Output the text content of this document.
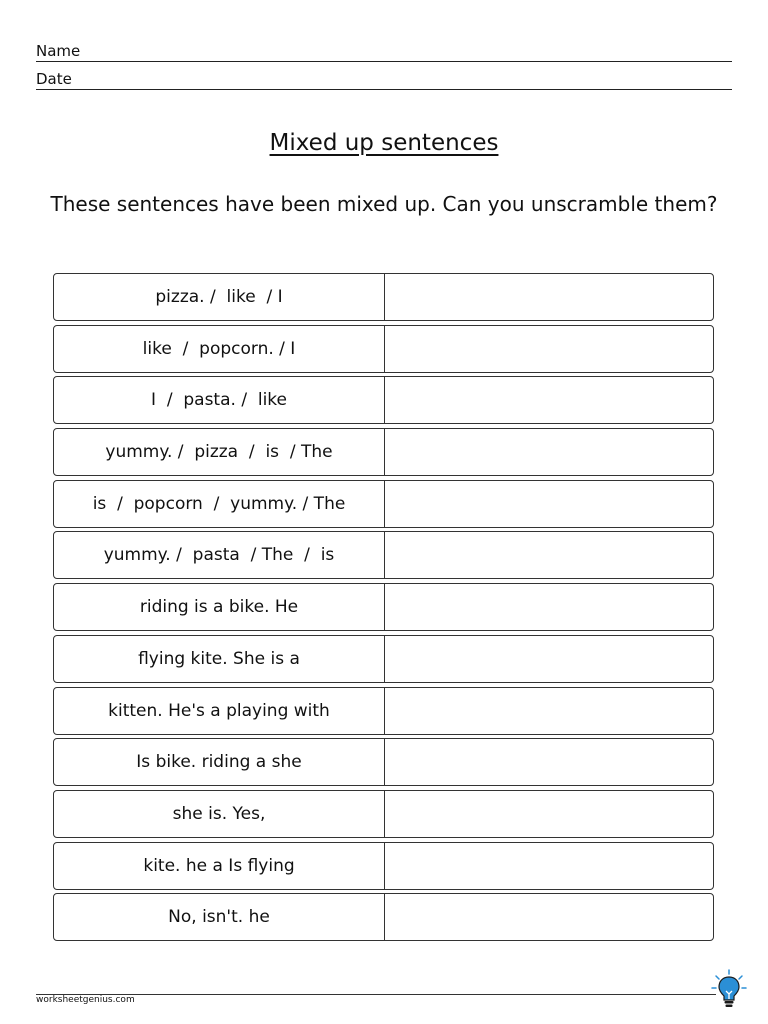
Name
Date
Mixed up sentences
These sentences have been mixed up. Can you unscramble them?
pizza. /  like  / I
like  /  popcorn. / I
I  /  pasta. /  like
yummy. /  pizza  /  is  / The
is  /  popcorn  /  yummy. / The
yummy. /  pasta  / The  /  is
riding is a bike. He
flying kite. She is a
kitten. He's a playing with
Is bike. riding a she
she is. Yes,
kite. he a Is flying
No, isn't. he
worksheetgenius.com
